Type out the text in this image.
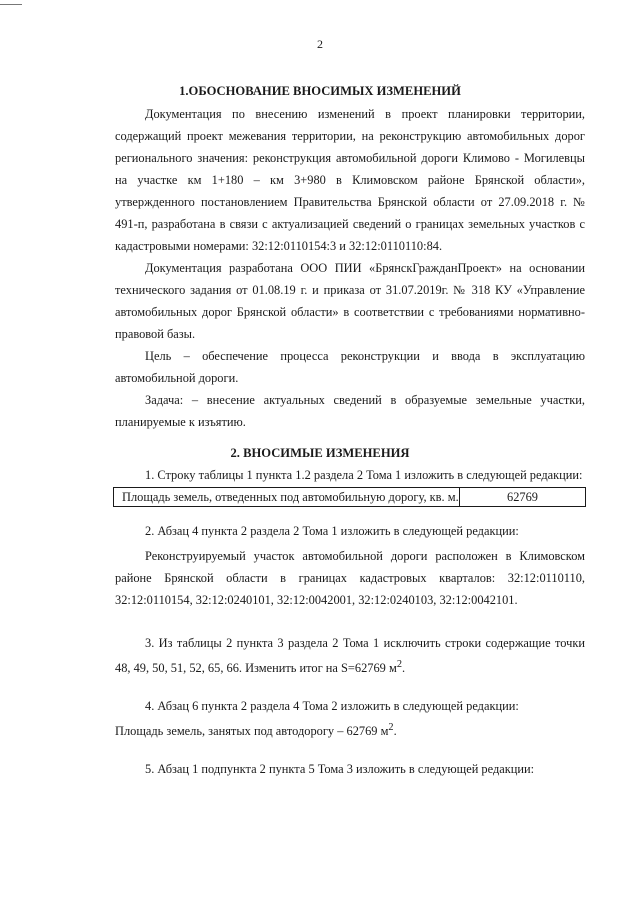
2
1.ОБОСНОВАНИЕ ВНОСИМЫХ ИЗМЕНЕНИЙ

Документация по внесению изменений в проект планировки территории, содержащий проект межевания территории, на реконструкцию автомобильных дорог регионального значения: реконструкция автомобильной дороги Климово - Могилевцы на участке км 1+180 – км 3+980 в Климовском районе Брянской области», утвержденного постановлением Правительства Брянской области от 27.09.2018 г. № 491-п, разработана в связи с актуализацией сведений о границах земельных участков с кадастровыми номерами: 32:12:0110154:3 и 32:12:0110110:84.

Документация разработана ООО ПИИ «БрянскГражданПроект» на основании технического задания от 01.08.19 г. и приказа от 31.07.2019г. № 318 КУ «Управление автомобильных дорог Брянской области» в соответствии с требованиями нормативно-правовой базы.

Цель – обеспечение процесса реконструкции и ввода в эксплуатацию автомобильной дороги.

Задача: – внесение актуальных сведений в образуемые земельные участки, планируемые к изъятию.

2. ВНОСИМЫЕ ИЗМЕНЕНИЯ

1. Строку таблицы 1 пункта 1.2 раздела 2 Тома 1 изложить в следующей редакции:

Площадь земель, отведенных под автомобильную дорогу, кв. м.	62769

2. Абзац 4 пункта 2 раздела 2 Тома 1 изложить в следующей редакции:

Реконструируемый участок автомобильной дороги расположен в Климовском районе Брянской области в границах кадастровых кварталов: 32:12:0110110, 32:12:0110154, 32:12:0240101, 32:12:0042001, 32:12:0240103, 32:12:0042101.

3. Из таблицы 2 пункта 3 раздела 2 Тома 1 исключить строки содержащие точки 48, 49, 50, 51, 52, 65, 66. Изменить итог на S=62769 $м^2$.

4. Абзац 6 пункта 2 раздела 4 Тома 2 изложить в следующей редакции:

Площадь земель, занятых под автодорогу – 62769 $м^2$.

5. Абзац 1 подпункта 2 пункта 5 Тома 3 изложить в следующей редакции:
